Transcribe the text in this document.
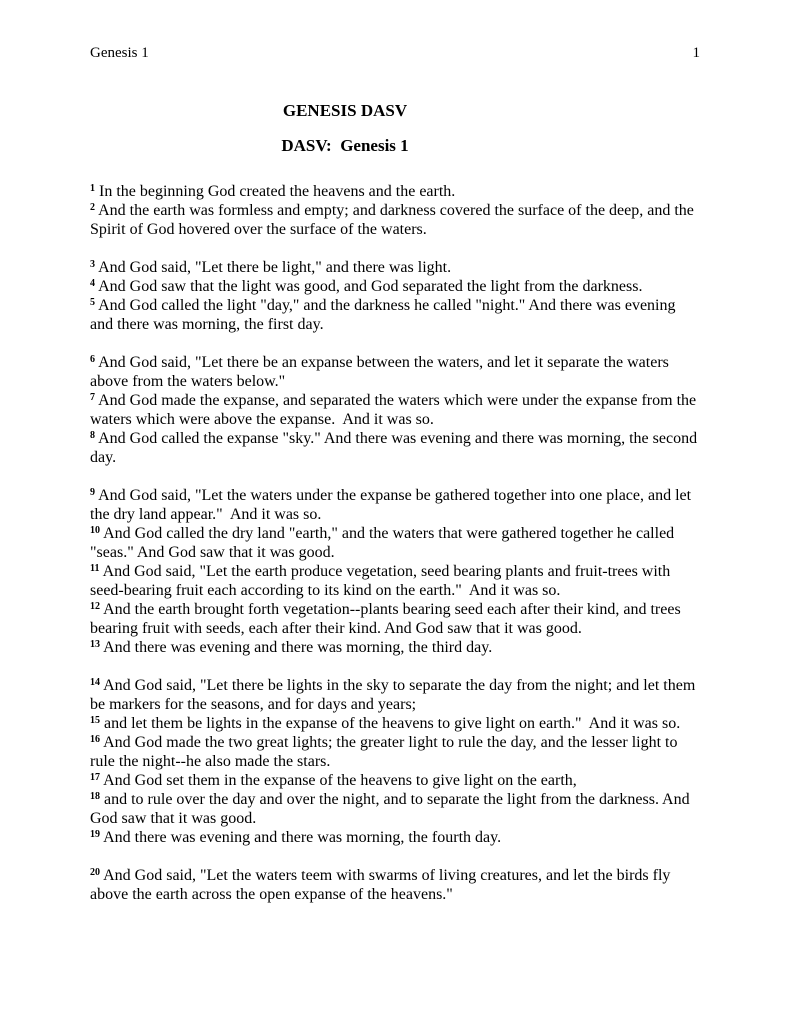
Genesis 1	1
GENESIS DASV
DASV:  Genesis 1
$^1$ In the beginning God created the heavens and the earth.
$^2$ And the earth was formless and empty; and darkness covered the surface of the deep, and the Spirit of God hovered over the surface of the waters.
$^3$ And God said, "Let there be light," and there was light.
$^4$ And God saw that the light was good, and God separated the light from the darkness.
$^5$ And God called the light "day," and the darkness he called "night." And there was evening and there was morning, the first day.
$^6$ And God said, "Let there be an expanse between the waters, and let it separate the waters above from the waters below."
$^7$ And God made the expanse, and separated the waters which were under the expanse from the waters which were above the expanse.  And it was so.
$^8$ And God called the expanse "sky." And there was evening and there was morning, the second day.
$^9$ And God said, "Let the waters under the expanse be gathered together into one place, and let the dry land appear."  And it was so.
$^{10}$ And God called the dry land "earth," and the waters that were gathered together he called "seas." And God saw that it was good.
$^{11}$ And God said, "Let the earth produce vegetation, seed bearing plants and fruit-trees with seed-bearing fruit each according to its kind on the earth."  And it was so.
$^{12}$ And the earth brought forth vegetation--plants bearing seed each after their kind, and trees bearing fruit with seeds, each after their kind. And God saw that it was good.
$^{13}$ And there was evening and there was morning, the third day.
$^{14}$ And God said, "Let there be lights in the sky to separate the day from the night; and let them be markers for the seasons, and for days and years;
$^{15}$ and let them be lights in the expanse of the heavens to give light on earth."  And it was so.
$^{16}$ And God made the two great lights; the greater light to rule the day, and the lesser light to rule the night--he also made the stars.
$^{17}$ And God set them in the expanse of the heavens to give light on the earth,
$^{18}$ and to rule over the day and over the night, and to separate the light from the darkness. And God saw that it was good.
$^{19}$ And there was evening and there was morning, the fourth day.
$^{20}$ And God said, "Let the waters teem with swarms of living creatures, and let the birds fly above the earth across the open expanse of the heavens."
